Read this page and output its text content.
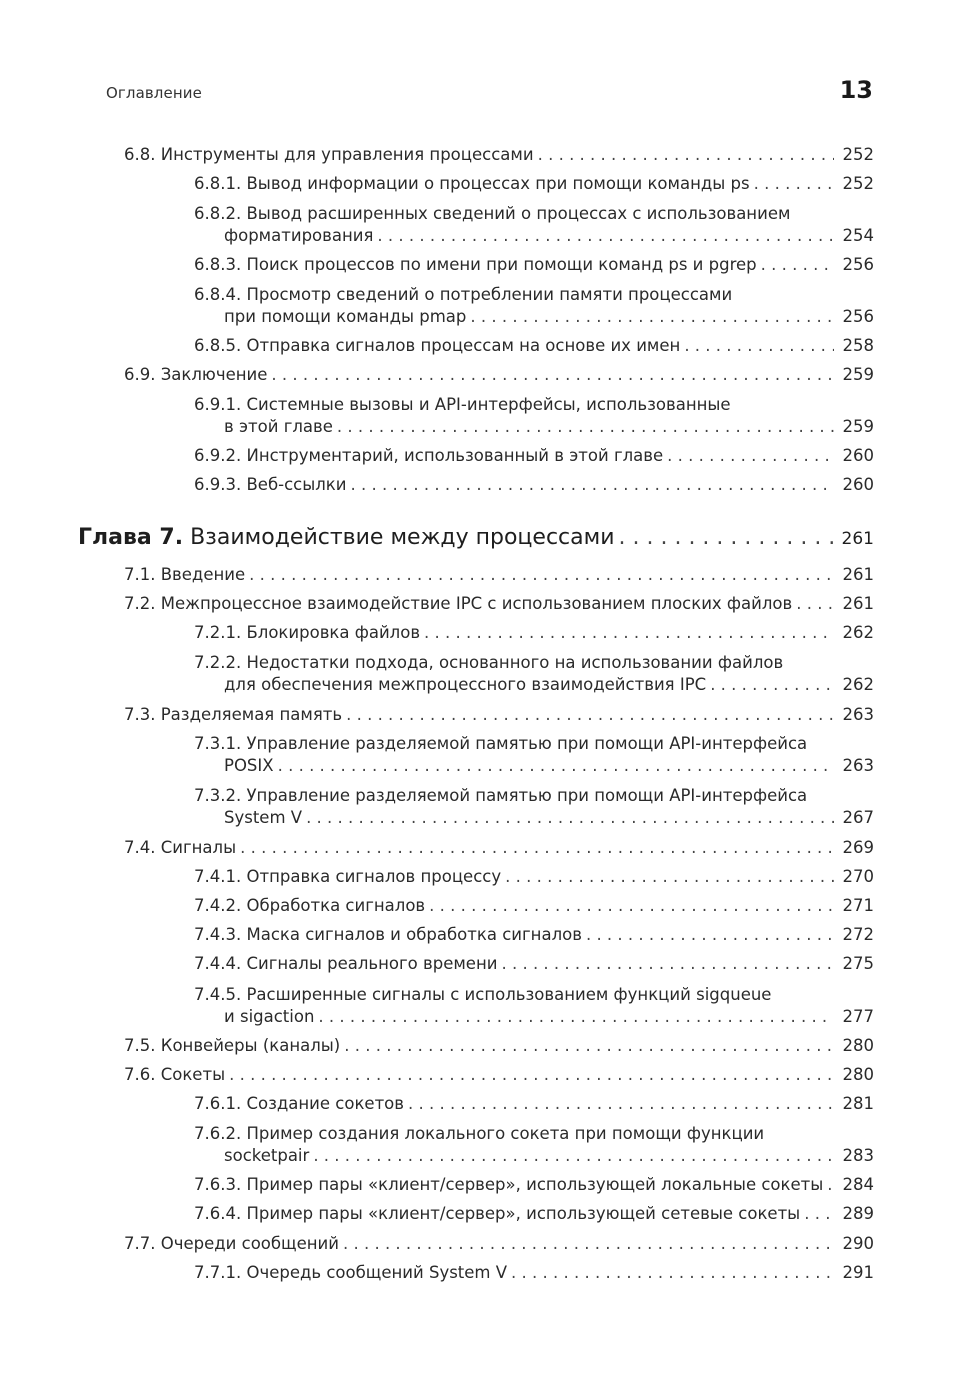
Оглавление	13
6.8. Инструменты для управления процессами . . .	252
6.8.1. Вывод информации о процессах при помощи команды ps . . .	252
6.8.2. Вывод расширенных сведений о процессах с использованием
форматирования . . .	254
6.8.3. Поиск процессов по имени при помощи команд ps и pgrep . . .	256
6.8.4. Просмотр сведений о потреблении памяти процессами
при помощи команды pmap . . .	256
6.8.5. Отправка сигналов процессам на основе их имен . . .	258
6.9. Заключение . . .	259
6.9.1. Системные вызовы и API-интерфейсы, использованные
в этой главе . . .	259
6.9.2. Инструментарий, использованный в этой главе . . .	260
6.9.3. Веб-ссылки . . .	260
Глава 7. Взаимодействие между процессами . . .	261
7.1. Введение . . .	261
7.2. Межпроцессное взаимодействие IPC с использованием плоских файлов . . .	261
7.2.1. Блокировка файлов . . .	262
7.2.2. Недостатки подхода, основанного на использовании файлов
для обеспечения межпроцессного взаимодействия IPC . . .	262
7.3. Разделяемая память . . .	263
7.3.1. Управление разделяемой памятью при помощи API-интерфейса
POSIX . . .	263
7.3.2. Управление разделяемой памятью при помощи API-интерфейса
System V . . .	267
7.4. Сигналы . . .	269
7.4.1. Отправка сигналов процессу . . .	270
7.4.2. Обработка сигналов . . .	271
7.4.3. Маска сигналов и обработка сигналов . . .	272
7.4.4. Сигналы реального времени . . .	275
7.4.5. Расширенные сигналы с использованием функций sigqueue
и sigaction . . .	277
7.5. Конвейеры (каналы) . . .	280
7.6. Сокеты . . .	280
7.6.1. Создание сокетов . . .	281
7.6.2. Пример создания локального сокета при помощи функции
socketpair . . .	283
7.6.3. Пример пары «клиент/сервер», использующей локальные сокеты . . . 284
7.6.4. Пример пары «клиент/сервер», использующей сетевые сокеты . . .	289
7.7. Очереди сообщений . . .	290
7.7.1. Очередь сообщений System V . . .	291
